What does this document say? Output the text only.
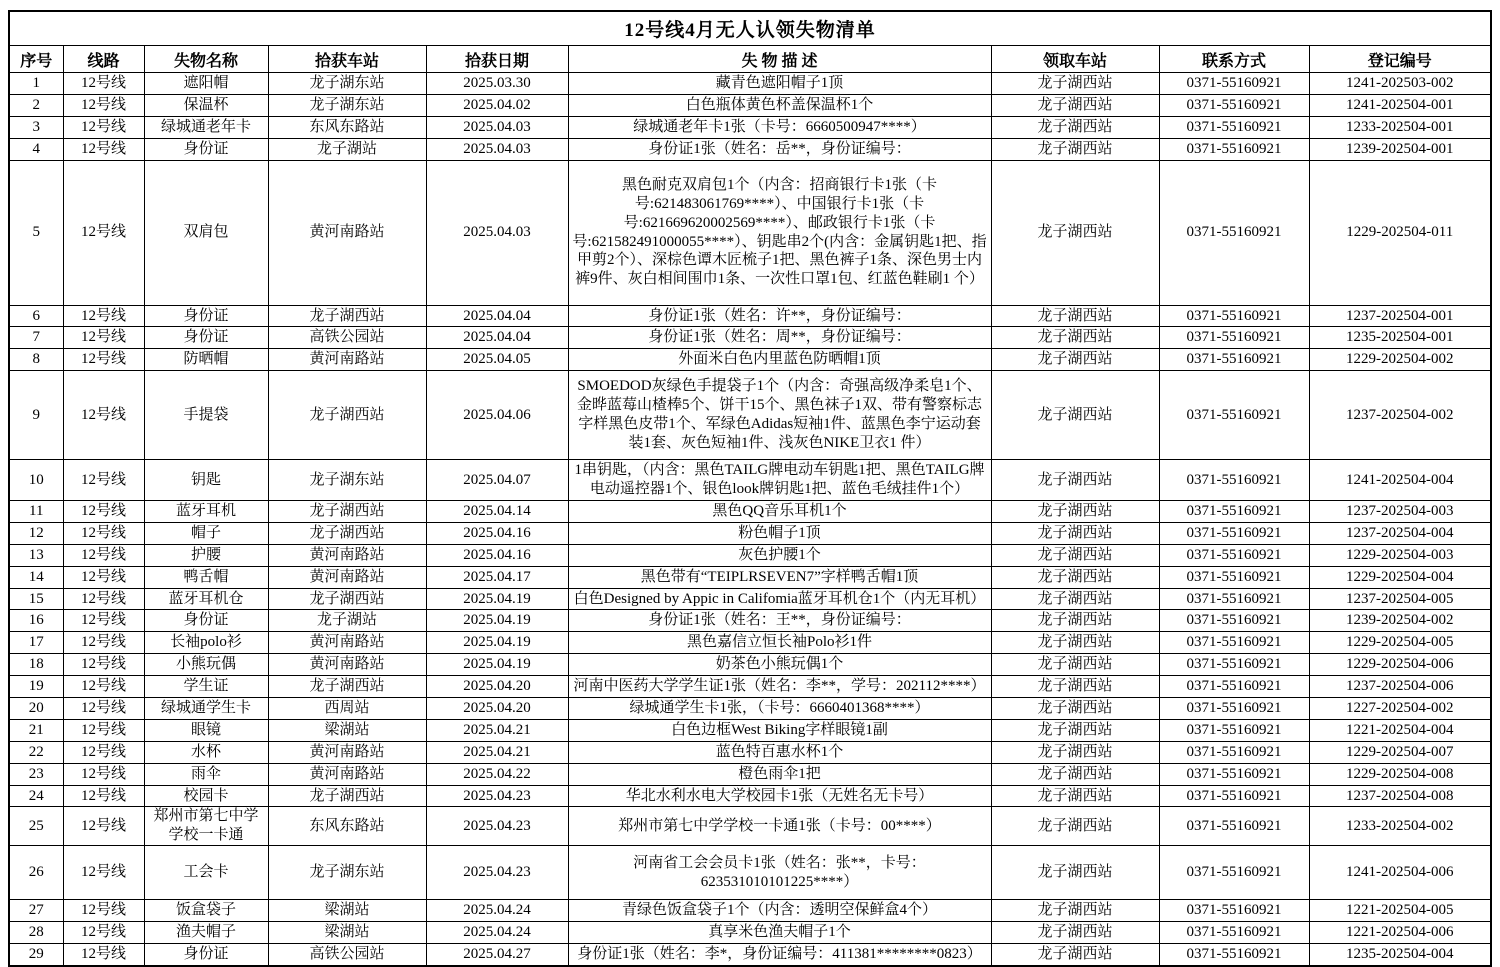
12号线4月无人认领失物清单								
序号	线路	失物名称	拾获车站	拾获日期	失 物 描 述	领取车站	联系方式	登记编号
1	12号线	遮阳帽	龙子湖东站	2025.03.30	藏青色遮阳帽子1顶	龙子湖西站	0371-55160921	1241-202503-002
2	12号线	保温杯	龙子湖东站	2025.04.02	白色瓶体黄色杯盖保温杯1个	龙子湖西站	0371-55160921	1241-202504-001
3	12号线	绿城通老年卡	东风东路站	2025.04.03	绿城通老年卡1张（卡号：6660500947****）	龙子湖西站	0371-55160921	1233-202504-001
4	12号线	身份证	龙子湖站	2025.04.03	身份证1张（姓名：岳**，身份证编号：	龙子湖西站	0371-55160921	1239-202504-001
5	12号线	双肩包	黄河南路站	2025.04.03	黑色耐克双肩包1个（内含：招商银行卡1张（卡号:621483061769****）、中国银行卡1张（卡号:621669620002569****）、邮政银行卡1张（卡号:621582491000055****）、钥匙串2个(内含：金属钥匙1把、指甲剪2个）、深棕色谭木匠梳子1把、黑色裤子1条、深色男士内裤9件、灰白相间围巾1条、一次性口罩1包、红蓝色鞋刷1 个）	龙子湖西站	0371-55160921	1229-202504-011
6	12号线	身份证	龙子湖西站	2025.04.04	身份证1张（姓名：许**，身份证编号：	龙子湖西站	0371-55160921	1237-202504-001
7	12号线	身份证	高铁公园站	2025.04.04	身份证1张（姓名：周**，身份证编号：	龙子湖西站	0371-55160921	1235-202504-001
8	12号线	防晒帽	黄河南路站	2025.04.05	外面米白色内里蓝色防晒帽1顶	龙子湖西站	0371-55160921	1229-202504-002
9	12号线	手提袋	龙子湖西站	2025.04.06	SMOEDOD灰绿色手提袋子1个（内含：奇强高级净柔皂1个、金晔蓝莓山楂棒5个、饼干15个、黑色袜子1双、带有警察标志字样黑色皮带1个、军绿色Adidas短袖1件、蓝黑色李宁运动套装1套、灰色短袖1件、浅灰色NIKE卫衣1 件）	龙子湖西站	0371-55160921	1237-202504-002
10	12号线	钥匙	龙子湖东站	2025.04.07	1串钥匙，（内含：黑色TAILG牌电动车钥匙1把、黑色TAILG牌电动遥控器1个、银色look牌钥匙1把、蓝色毛绒挂件1个）	龙子湖西站	0371-55160921	1241-202504-004
11	12号线	蓝牙耳机	龙子湖西站	2025.04.14	黑色QQ音乐耳机1个	龙子湖西站	0371-55160921	1237-202504-003
12	12号线	帽子	龙子湖西站	2025.04.16	粉色帽子1顶	龙子湖西站	0371-55160921	1237-202504-004
13	12号线	护腰	黄河南路站	2025.04.16	灰色护腰1个	龙子湖西站	0371-55160921	1229-202504-003
14	12号线	鸭舌帽	黄河南路站	2025.04.17	黑色带有“TEIPLRSEVEN7”字样鸭舌帽1顶	龙子湖西站	0371-55160921	1229-202504-004
15	12号线	蓝牙耳机仓	龙子湖西站	2025.04.19	白色Designed by Appic in Califomia蓝牙耳机仓1个（内无耳机）	龙子湖西站	0371-55160921	1237-202504-005
16	12号线	身份证	龙子湖站	2025.04.19	身份证1张（姓名：王**，身份证编号：	龙子湖西站	0371-55160921	1239-202504-002
17	12号线	长袖polo衫	黄河南路站	2025.04.19	黑色嘉信立恒长袖Polo衫1件	龙子湖西站	0371-55160921	1229-202504-005
18	12号线	小熊玩偶	黄河南路站	2025.04.19	奶茶色小熊玩偶1个	龙子湖西站	0371-55160921	1229-202504-006
19	12号线	学生证	龙子湖西站	2025.04.20	河南中医药大学学生证1张（姓名：李**，学号：202112****）	龙子湖西站	0371-55160921	1237-202504-006
20	12号线	绿城通学生卡	西周站	2025.04.20	绿城通学生卡1张，（卡号：6660401368****）	龙子湖西站	0371-55160921	1227-202504-002
21	12号线	眼镜	梁湖站	2025.04.21	白色边框West Biking字样眼镜1副	龙子湖西站	0371-55160921	1221-202504-004
22	12号线	水杯	黄河南路站	2025.04.21	蓝色特百惠水杯1个	龙子湖西站	0371-55160921	1229-202504-007
23	12号线	雨伞	黄河南路站	2025.04.22	橙色雨伞1把	龙子湖西站	0371-55160921	1229-202504-008
24	12号线	校园卡	龙子湖西站	2025.04.23	华北水利水电大学校园卡1张（无姓名无卡号）	龙子湖西站	0371-55160921	1237-202504-008
25	12号线	郑州市第七中学学校一卡通	东风东路站	2025.04.23	郑州市第七中学学校一卡通1张（卡号：00****）	龙子湖西站	0371-55160921	1233-202504-002
26	12号线	工会卡	龙子湖东站	2025.04.23	河南省工会会员卡1张（姓名：张**，卡号：623531010101225****）	龙子湖西站	0371-55160921	1241-202504-006
27	12号线	饭盒袋子	梁湖站	2025.04.24	青绿色饭盒袋子1个（内含：透明空保鲜盒4个）	龙子湖西站	0371-55160921	1221-202504-005
28	12号线	渔夫帽子	梁湖站	2025.04.24	真享米色渔夫帽子1个	龙子湖西站	0371-55160921	1221-202504-006
29	12号线	身份证	高铁公园站	2025.04.27	身份证1张（姓名：李*，身份证编号：411381********0823）	龙子湖西站	0371-55160921	1235-202504-004
